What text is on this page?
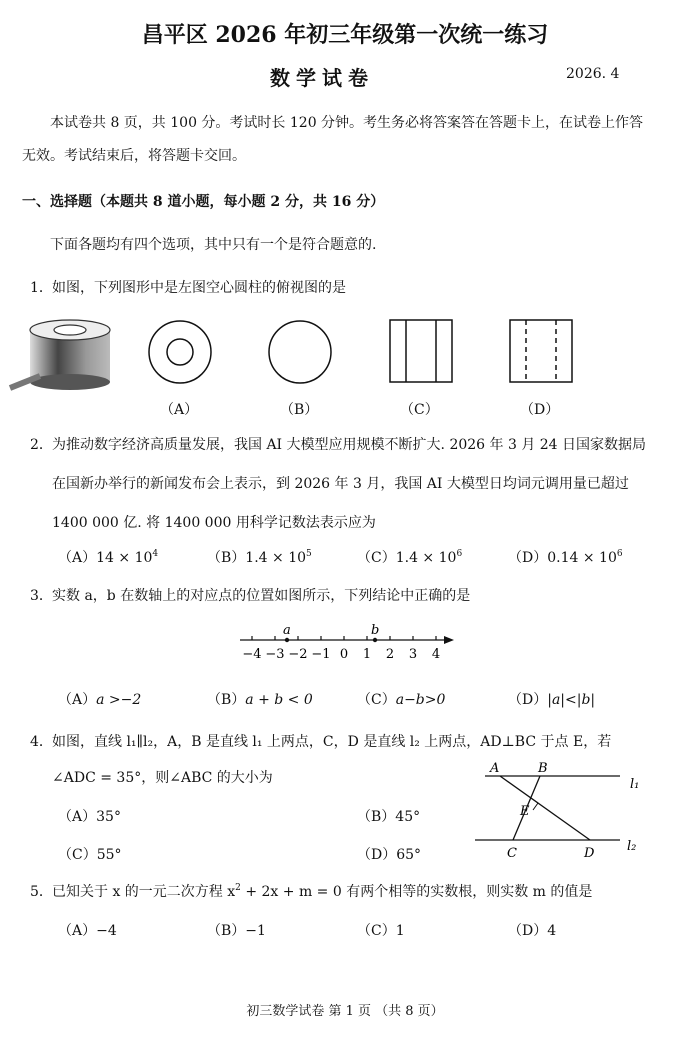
昌平区 2026 年初三年级第一次统一练习
数学试卷	2026. 4
本试卷共 8 页，共 100 分。考试时长 120 分钟。考生务必将答案答在答题卡上，在试卷上作答
无效。考试结束后，将答题卡交回。
一、选择题（本题共 8 道小题，每小题 2 分，共 16 分）
下面各题均有四个选项，其中只有一个是符合题意的.
1． 如图，下列图形中是左图空心圆柱的俯视图的是
（A）	（B）	（C）	（D）
2． 为推动数字经济高质量发展，我国 AI 大模型应用规模不断扩大. 2026 年 3 月 24 日国家数据局
在国新办举行的新闻发布会上表示，到 2026 年 3 月，我国 AI 大模型日均词元调用量已超过
1400 000 亿. 将 1400 000 用科学记数法表示应为
$(A)14 \times 10^4$	$(B)1.4 \times 10^5$	$(C)1.4 \times 10^6$	$(D)0.14 \times 10^6$
3． 实数 a，b 在数轴上的对应点的位置如图所示，下列结论中正确的是
−4 −3 −2 −1 0 1 2 3 4
a	b
（A）a >−2	（B）a + b < 0	（C）a−b>0	（D）|a|<|b|
4． 如图，直线 l₁∥l₂，A，B 是直线 l₁ 上两点，C，D 是直线 l₂ 上两点，AD⊥BC 于点 E，若
∠ADC = 35°，则∠ABC 的大小为
（A）35°	（B）45°
（C）55°	（D）65°
A	B
l₁
E
C	D	l₂
5． 已知关于 x 的一元二次方程 $x^2 + 2x + m = 0$ 有两个相等的实数根，则实数 m 的值是
（A）−4	（B）−1	（C）1	（D）4
初三数学试卷 第 1 页 （共 8 页）
